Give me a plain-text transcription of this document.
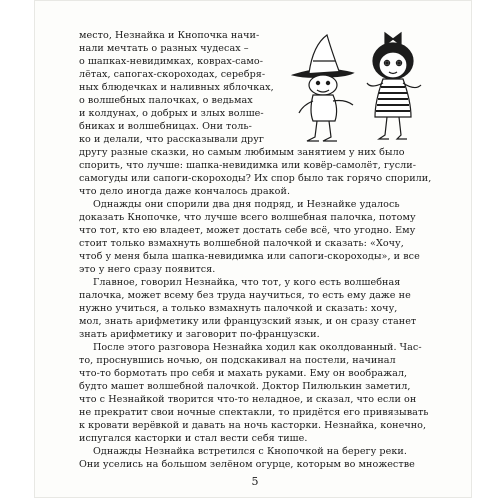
место, Незнайка и Кнопочка начи-
нали мечтать о разных чудесах –
о шапках-невидимках, коврах-само-
лётах, сапогах-скороходах, серебря-
ных блюдечках и наливных яблочках,
о волшебных палочках, о ведьмах
и колдунах, о добрых и злых волше-
бниках и волшебницах. Они толь-
ко и делали, что рассказывали друг
другу разные сказки, но самым любимым занятием у них было
спорить, что лучше: шапка-невидимка или ковёр-самолёт, гусли-
самогуды или сапоги-скороходы? Их спор было так горячо спорили,
что дело иногда даже кончалось дракой.
Однажды они спорили два дня подряд, и Незнайке удалось
доказать Кнопочке, что лучше всего волшебная палочка, потому
что тот, кто ею владеет, может достать себе всё, что угодно. Ему
стоит только взмахнуть волшебной палочкой и сказать: «Хочу,
чтоб у меня была шапка-невидимка или сапоги-скороходы», и все
это у него сразу появится.
Главное, говорил Незнайка, что тот, у кого есть волшебная
палочка, может всему без труда научиться, то есть ему даже не
нужно учиться, а только взмахнуть палочкой и сказать: хочу,
мол, знать арифметику или французский язык, и он сразу станет
знать арифметику и заговорит по-французски.
После этого разговора Незнайка ходил как околдованный. Час-
то, проснувшись ночью, он подскакивал на постели, начинал
что-то бормотать про себя и махать руками. Ему он воображал,
будто машет волшебной палочкой. Доктор Пилюлькин заметил,
что с Незнайкой творится что-то неладное, и сказал, что если он
не прекратит свои ночные спектакли, то придётся его привязывать
к кровати верёвкой и давать на ночь касторки. Незнайка, конечно,
испугался касторки и стал вести себя тише.
Однажды Незнайка встретился с Кнопочкой на берегу реки.
Они уселись на большом зелёном огурце, которым во множестве
5
